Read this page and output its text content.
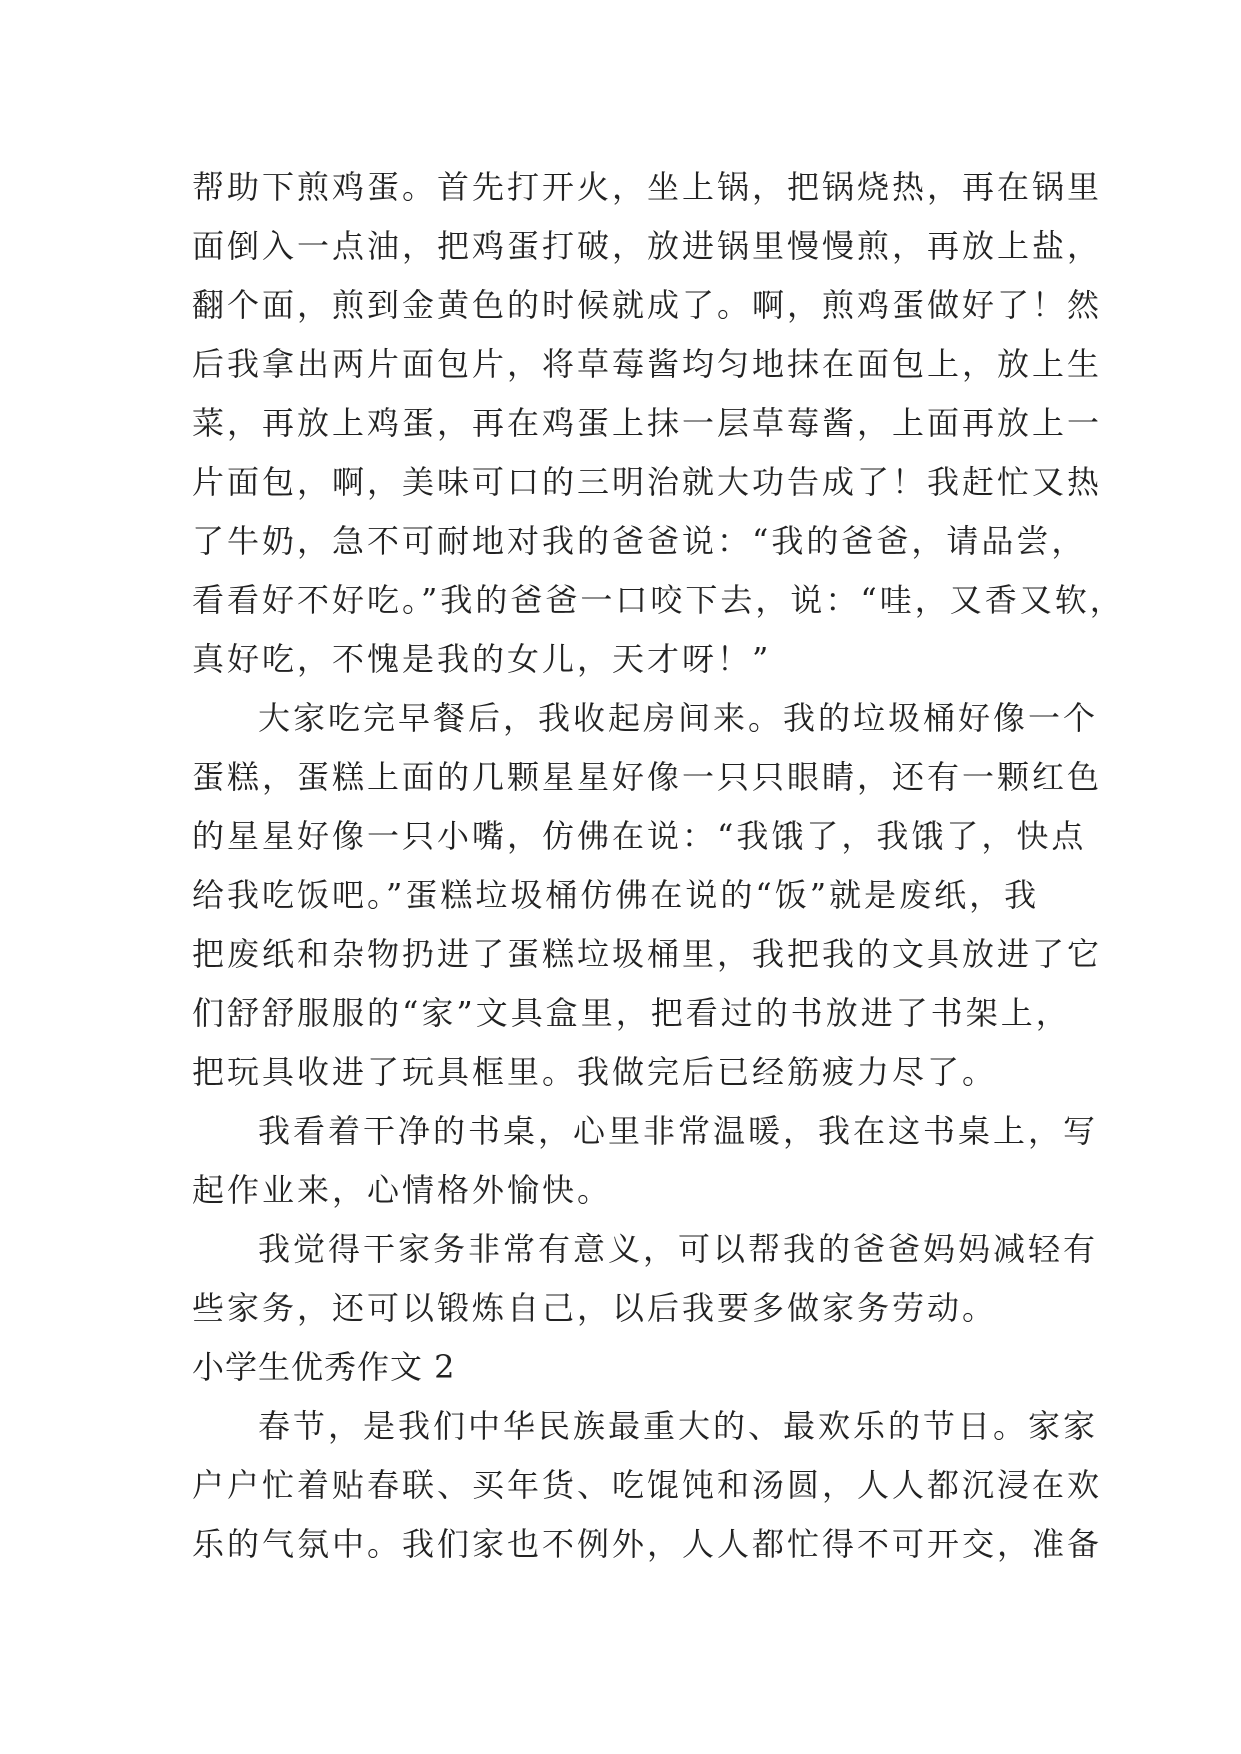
帮助下煎鸡蛋。首先打开火，坐上锅，把锅烧热，再在锅里
面倒入一点油，把鸡蛋打破，放进锅里慢慢煎，再放上盐，
翻个面，煎到金黄色的时候就成了。啊，煎鸡蛋做好了！然
后我拿出两片面包片，将草莓酱均匀地抹在面包上，放上生
菜，再放上鸡蛋，再在鸡蛋上抹一层草莓酱，上面再放上一
片面包，啊，美味可口的三明治就大功告成了！我赶忙又热
了牛奶，急不可耐地对我的爸爸说：“我的爸爸，请品尝，
看看好不好吃。”我的爸爸一口咬下去，说：“哇，又香又软，
真好吃，不愧是我的女儿，天才呀！”
大家吃完早餐后，我收起房间来。我的垃圾桶好像一个
蛋糕，蛋糕上面的几颗星星好像一只只眼睛，还有一颗红色
的星星好像一只小嘴，仿佛在说：“我饿了，我饿了，快点
给我吃饭吧。”蛋糕垃圾桶仿佛在说的“饭”就是废纸，我
把废纸和杂物扔进了蛋糕垃圾桶里，我把我的文具放进了它
们舒舒服服的“家”文具盒里，把看过的书放进了书架上，
把玩具收进了玩具框里。我做完后已经筋疲力尽了。
我看着干净的书桌，心里非常温暖，我在这书桌上，写
起作业来，心情格外愉快。
我觉得干家务非常有意义，可以帮我的爸爸妈妈减轻有
些家务，还可以锻炼自己，以后我要多做家务劳动。
小学生优秀作文 2
春节，是我们中华民族最重大的、最欢乐的节日。家家
户户忙着贴春联、买年货、吃馄饨和汤圆，人人都沉浸在欢
乐的气氛中。我们家也不例外，人人都忙得不可开交，准备
